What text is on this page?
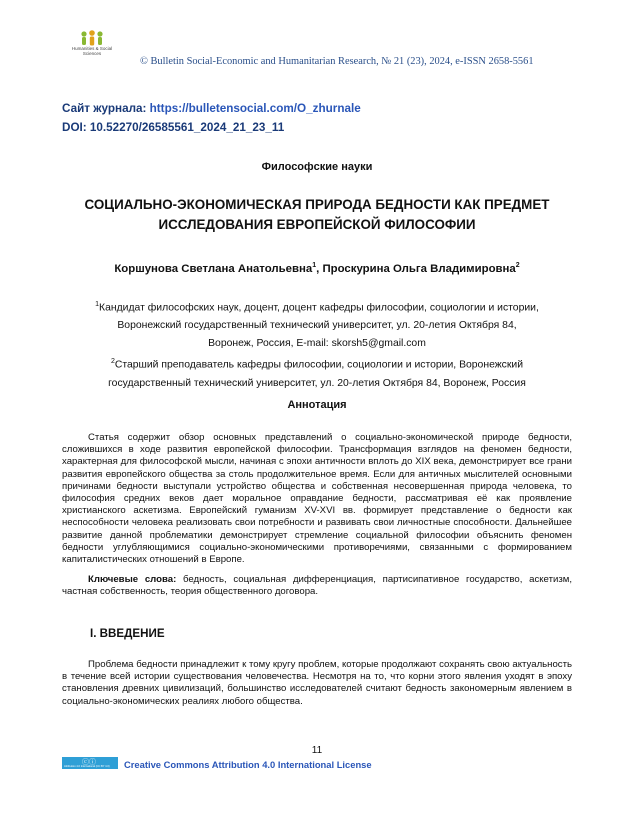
Humanities & Social
Sciences
© Bulletin Social-Economic and Humanitarian Research, № 21 (23), 2024, e-ISSN 2658-5561
Сайт журнала: https://bulletensocial.com/O_zhurnale
DOI: 10.52270/26585561_2024_21_23_11
Философские науки
СОЦИАЛЬНО-ЭКОНОМИЧЕСКАЯ ПРИРОДА БЕДНОСТИ КАК ПРЕДМЕТ
ИССЛЕДОВАНИЯ ЕВРОПЕЙСКОЙ ФИЛОСОФИИ
Коршунова Светлана Анатольевна$^1$, Проскурина Ольга Владимировна$^2$
$^1$Кандидат философских наук, доцент, доцент кафедры философии, социологии и истории,
Воронежский государственный технический университет, ул. 20-летия Октября 84,
Воронеж, Россия, E-mail: skorsh5@gmail.com
$^2$Старший преподаватель кафедры философии, социологии и истории, Воронежский
государственный технический университет, ул. 20-летия Октября 84, Воронеж, Россия
Аннотация

Статья содержит обзор основных представлений о социально-экономической природе бедности, сложившихся в ходе развития европейской философии. Трансформация взглядов на феномен бедности, характерная для философской мысли, начиная с эпохи античности вплоть до XIX века, демонстрирует все грани развития европейского общества за столь продолжительное время. Если для античных мыслителей основными причинами бедности выступали устройство общества и собственная несовершенная природа человека, то философия средних веков дает моральное оправдание бедности, рассматривая её как проявление христианского аскетизма. Европейский гуманизм XV-XVI вв. формирует представление о бедности как неспособности человека реализовать свои потребности и развивать свои личностные способности. Дальнейшее развитие данной проблематики демонстрирует стремление социальной философии объяснить феномен бедности углубляющимися социально-экономическими противоречиями, связанными с формированием капиталистических отношений в Европе.

Ключевые слова: бедность, социальная дифференциация, партисипативное государство, аскетизм, частная собственность, теория общественного договора.

I. ВВЕДЕНИЕ

Проблема бедности принадлежит к тому кругу проблем, которые продолжают сохранять свою актуальность в течение всей истории существования человечества. Несмотря на то, что корни этого явления уходят в эпоху становления древних цивилизаций, большинство исследователей считают бедность закономерным явлением в социально-экономических реалиях любого общества.

11
ⓒⓘ
Attribution 4.0 International (CC BY 4.0) Creative Commons Attribution 4.0 International License
